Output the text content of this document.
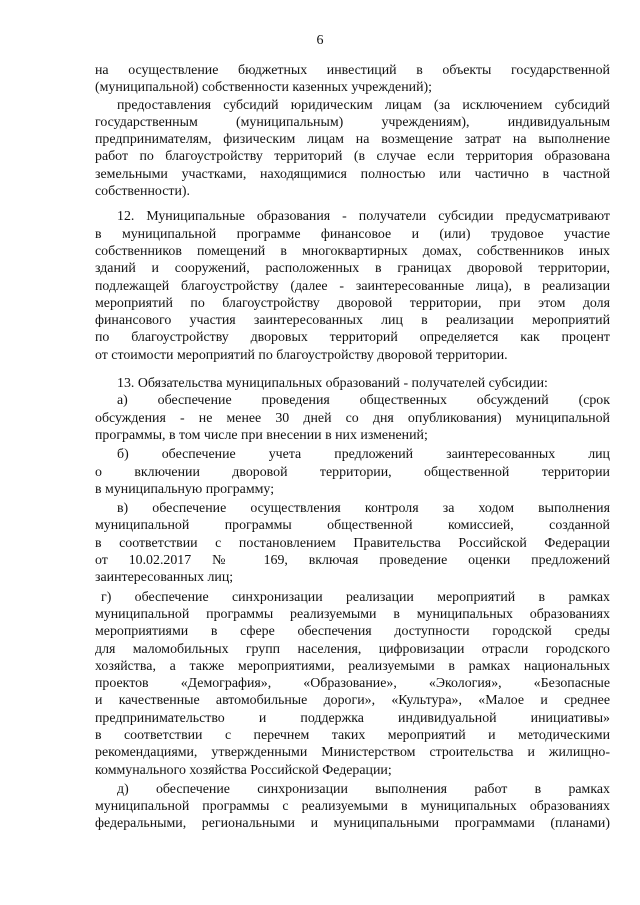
6
на осуществление бюджетных инвестиций в объекты государственной
(муниципальной) собственности казенных учреждений);
предоставления субсидий юридическим лицам (за исключением субсидий
государственным (муниципальным) учреждениям), индивидуальным
предпринимателям, физическим лицам на возмещение затрат на выполнение
работ по благоустройству территорий (в случае если территория образована
земельными участками, находящимися полностью или частично в частной
собственности).
12. Муниципальные образования - получатели субсидии предусматривают
в муниципальной программе финансовое и (или) трудовое участие
собственников помещений в многоквартирных домах, собственников иных
зданий и сооружений, расположенных в границах дворовой территории,
подлежащей благоустройству (далее - заинтересованные лица), в реализации
мероприятий по благоустройству дворовой территории, при этом доля
финансового участия заинтересованных лиц в реализации мероприятий
по благоустройству дворовых территорий определяется как процент
от стоимости мероприятий по благоустройству дворовой территории.
13. Обязательства муниципальных образований - получателей субсидии:
а) обеспечение проведения общественных обсуждений (срок
обсуждения - не менее 30 дней со дня опубликования) муниципальной
программы, в том числе при внесении в них изменений;
б) обеспечение учета предложений заинтересованных лиц
о включении дворовой территории, общественной территории
в муниципальную программу;
в) обеспечение осуществления контроля за ходом выполнения
муниципальной программы общественной комиссией, созданной
в соответствии с постановлением Правительства Российской Федерации
от 10.02.2017 № 169, включая проведение оценки предложений
заинтересованных лиц;
г) обеспечение синхронизации реализации мероприятий в рамках
муниципальной программы реализуемыми в муниципальных образованиях
мероприятиями в сфере обеспечения доступности городской среды
для маломобильных групп населения, цифровизации отрасли городского
хозяйства, а также мероприятиями, реализуемыми в рамках национальных
проектов «Демография», «Образование», «Экология», «Безопасные
и качественные автомобильные дороги», «Культура», «Малое и среднее
предпринимательство и поддержка индивидуальной инициативы»
в соответствии с перечнем таких мероприятий и методическими
рекомендациями, утвержденными Министерством строительства и жилищно-
коммунального хозяйства Российской Федерации;
д) обеспечение синхронизации выполнения работ в рамках
муниципальной программы с реализуемыми в муниципальных образованиях
федеральными, региональными и муниципальными программами (планами)
